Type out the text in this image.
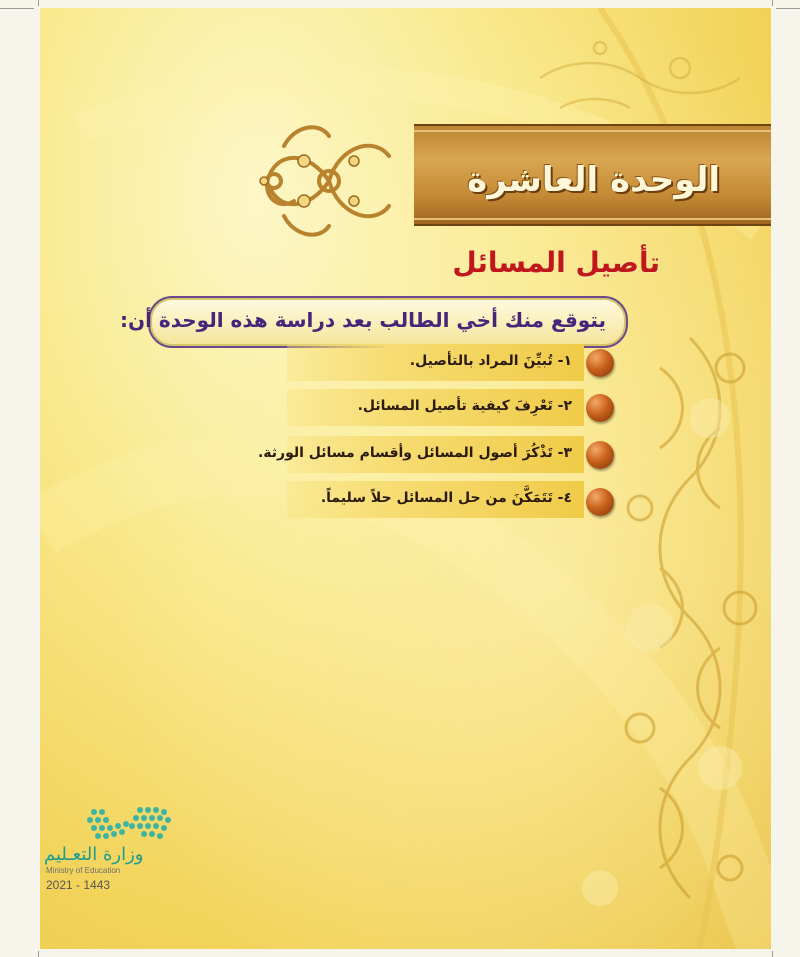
الوحدة العاشرة
تأصيل المسائل
يتوقع منك أخي الطالب بعد دراسة هذه الوحدة أن:
١- تُبيِّنَ المراد بالتأصيل.
٢- تَعْرِفَ كيفية تأصيل المسائل.
٣- تَذْكُرَ أصول المسائل وأقسام مسائل الورثة.
٤- تَتَمَكَّنَ من حل المسائل حلاً سليماً.
وزارة التعـليم
Ministry of Education
2021 - 1443
